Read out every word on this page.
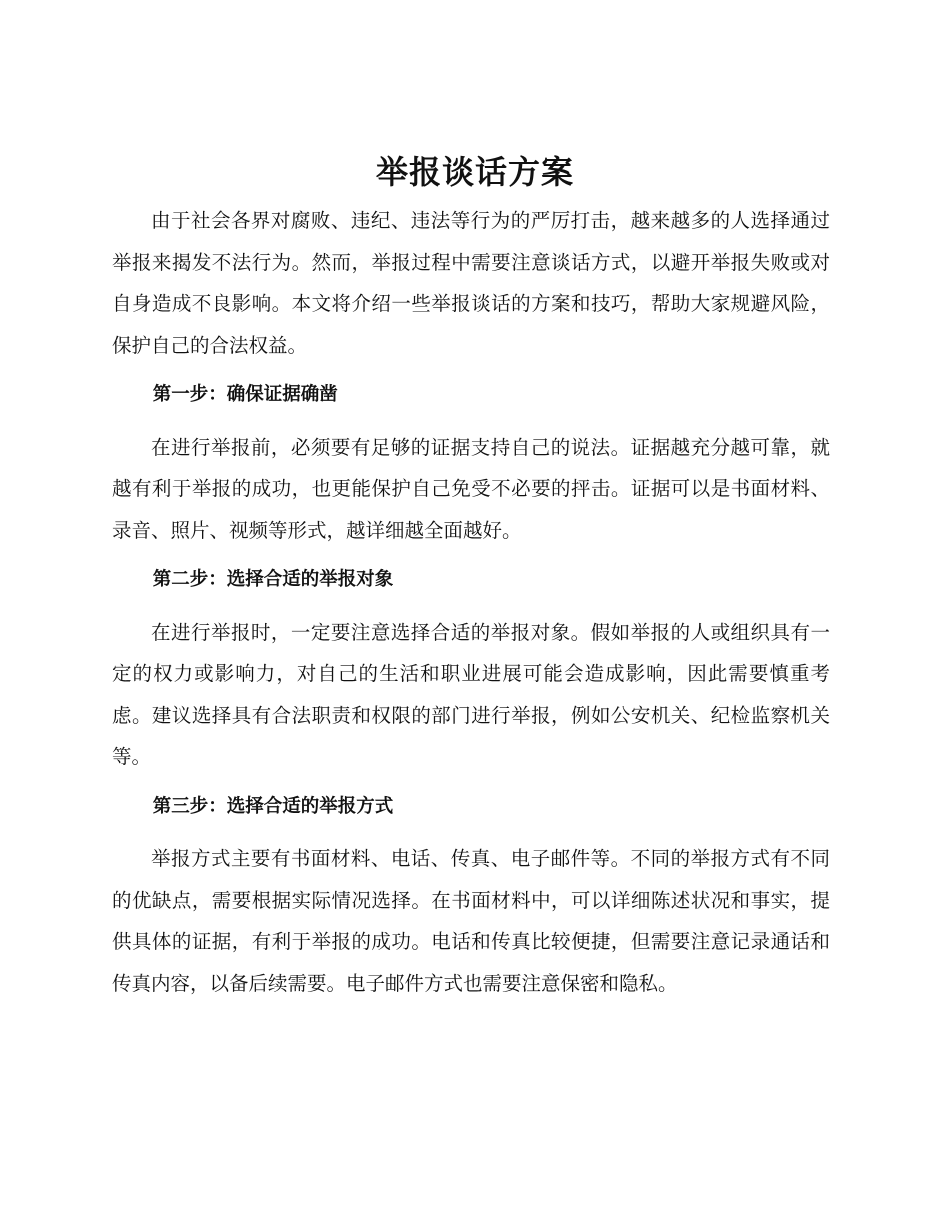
举报谈话方案

由于社会各界对腐败、违纪、违法等行为的严厉打击，越来越多的人选择通过举报来揭发不法行为。然而，举报过程中需要注意谈话方式，以避开举报失败或对自身造成不良影响。本文将介绍一些举报谈话的方案和技巧，帮助大家规避风险，保护自己的合法权益。

第一步：确保证据确凿

在进行举报前，必须要有足够的证据支持自己的说法。证据越充分越可靠，就越有利于举报的成功，也更能保护自己免受不必要的抨击。证据可以是书面材料、录音、照片、视频等形式，越详细越全面越好。

第二步：选择合适的举报对象

在进行举报时，一定要注意选择合适的举报对象。假如举报的人或组织具有一定的权力或影响力，对自己的生活和职业进展可能会造成影响，因此需要慎重考虑。建议选择具有合法职责和权限的部门进行举报，例如公安机关、纪检监察机关等。

第三步：选择合适的举报方式

举报方式主要有书面材料、电话、传真、电子邮件等。不同的举报方式有不同的优缺点，需要根据实际情况选择。在书面材料中，可以详细陈述状况和事实，提供具体的证据，有利于举报的成功。电话和传真比较便捷，但需要注意记录通话和传真内容，以备后续需要。电子邮件方式也需要注意保密和隐私。
